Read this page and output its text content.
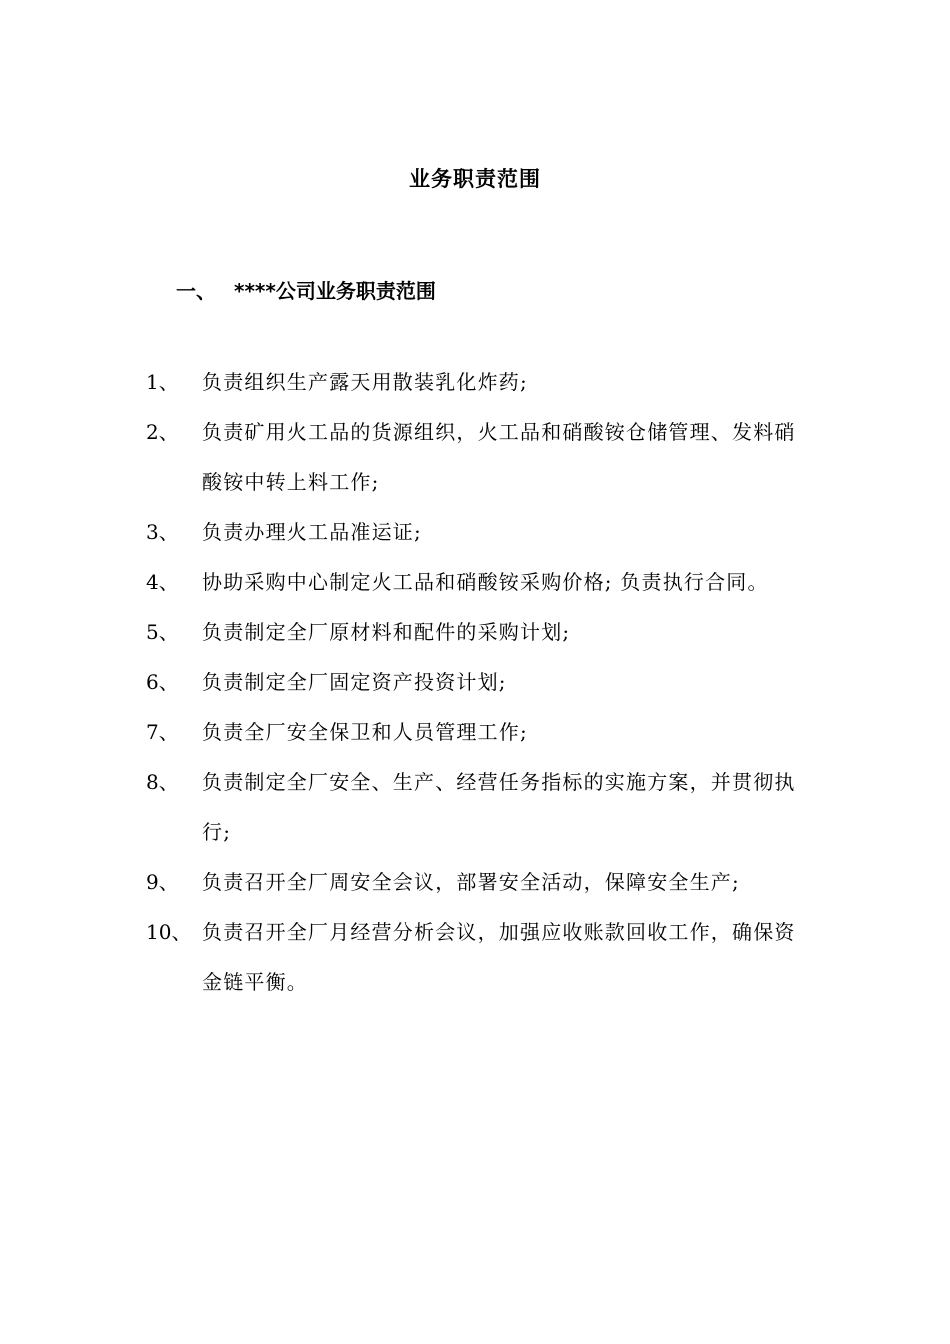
业务职责范围
一、 ****公司业务职责范围
1、	负责组织生产露天用散装乳化炸药;
2、	负责矿用火工品的货源组织，火工品和硝酸铵仓储管理、发料硝酸铵中转上料工作;
3、	负责办理火工品准运证;
4、	协助采购中心制定火工品和硝酸铵采购价格; 负责执行合同。
5、	负责制定全厂原材料和配件的采购计划;
6、	负责制定全厂固定资产投资计划;
7、	负责全厂安全保卫和人员管理工作;
8、	负责制定全厂安全、生产、经营任务指标的实施方案，并贯彻执行;
9、	负责召开全厂周安全会议，部署安全活动，保障安全生产;
10、 负责召开全厂月经营分析会议，加强应收账款回收工作，确保资金链平衡。
